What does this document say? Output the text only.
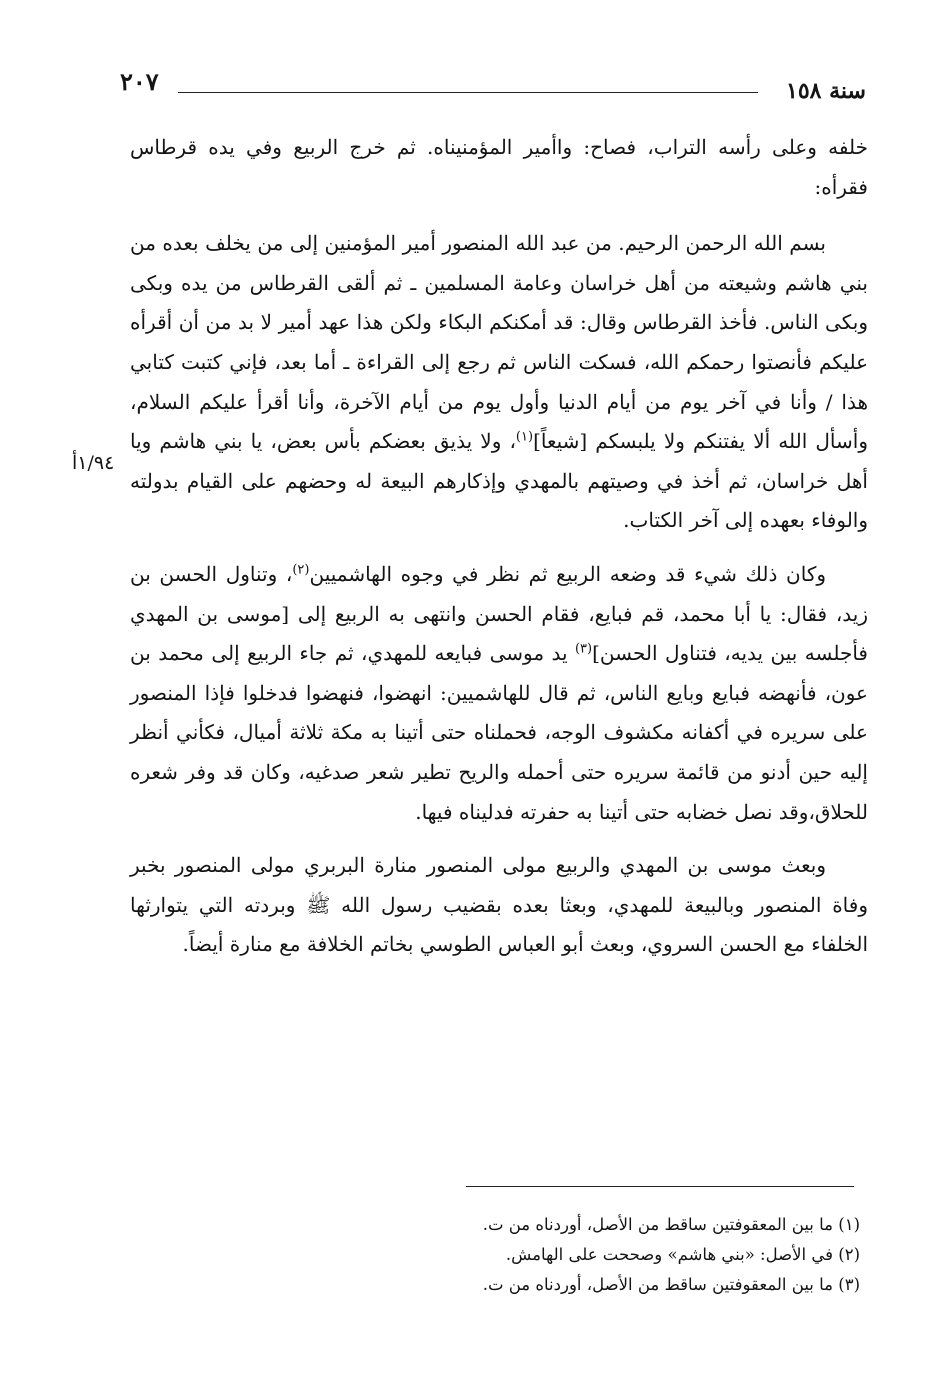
٢٠٧	سنة ١٥٨
١/٩٤أ

خلفه وعلى رأسه التراب، فصاح: واأمير المؤمنيناه. ثم خرج الربيع وفي يده قرطاس فقرأه:

بسم الله الرحمن الرحيم. من عبد الله المنصور أمير المؤمنين إلى من يخلف بعده من بني هاشم وشيعته من أهل خراسان وعامة المسلمين ـ ثم ألقى القرطاس من يده وبكى وبكى الناس. فأخذ القرطاس وقال: قد أمكنكم البكاء ولكن هذا عهد أمير لا بد من أن أقرأه عليكم فأنصتوا رحمكم الله، فسكت الناس ثم رجع إلى القراءة ـ أما بعد، فإني كتبت كتابي هذا / وأنا في آخر يوم من أيام الدنيا وأول يوم من أيام الآخرة، وأنا أقرأ عليكم السلام، وأسأل الله ألا يفتنكم ولا يلبسكم [شيعاً]$^{(١)}$، ولا يذيق بعضكم بأس بعض، يا بني هاشم ويا أهل خراسان، ثم أخذ في وصيتهم بالمهدي وإذكارهم البيعة له وحضهم على القيام بدولته والوفاء بعهده إلى آخر الكتاب.

وكان ذلك شيء قد وضعه الربيع ثم نظر في وجوه الهاشميين$^{(٢)}$، وتناول الحسن بن زيد، فقال: يا أبا محمد، قم فبايع، فقام الحسن وانتهى به الربيع إلى [موسى بن المهدي فأجلسه بين يديه، فتناول الحسن]$^{(٣)}$ يد موسى فبايعه للمهدي، ثم جاء الربيع إلى محمد بن عون، فأنهضه فبايع وبايع الناس، ثم قال للهاشميين: انهضوا، فنهضوا فدخلوا فإذا المنصور على سريره في أكفانه مكشوف الوجه، فحملناه حتى أتينا به مكة ثلاثة أميال، فكأني أنظر إليه حين أدنو من قائمة سريره حتى أحمله والريح تطير شعر صدغيه، وكان قد وفر شعره للحلاق،وقد نصل خضابه حتى أتينا به حفرته فدليناه فيها.

وبعث موسى بن المهدي والربيع مولى المنصور منارة البربري مولى المنصور بخبر وفاة المنصور وبالبيعة للمهدي، وبعثا بعده بقضيب رسول الله ﷺ وبردته التي يتوارثها الخلفاء مع الحسن السروي، وبعث أبو العباس الطوسي بخاتم الخلافة مع منارة أيضاً.

(١) ما بين المعقوفتين ساقط من الأصل، أوردناه من ت.

(٢) في الأصل: «بني هاشم» وصححت على الهامش.

(٣) ما بين المعقوفتين ساقط من الأصل، أوردناه من ت.
